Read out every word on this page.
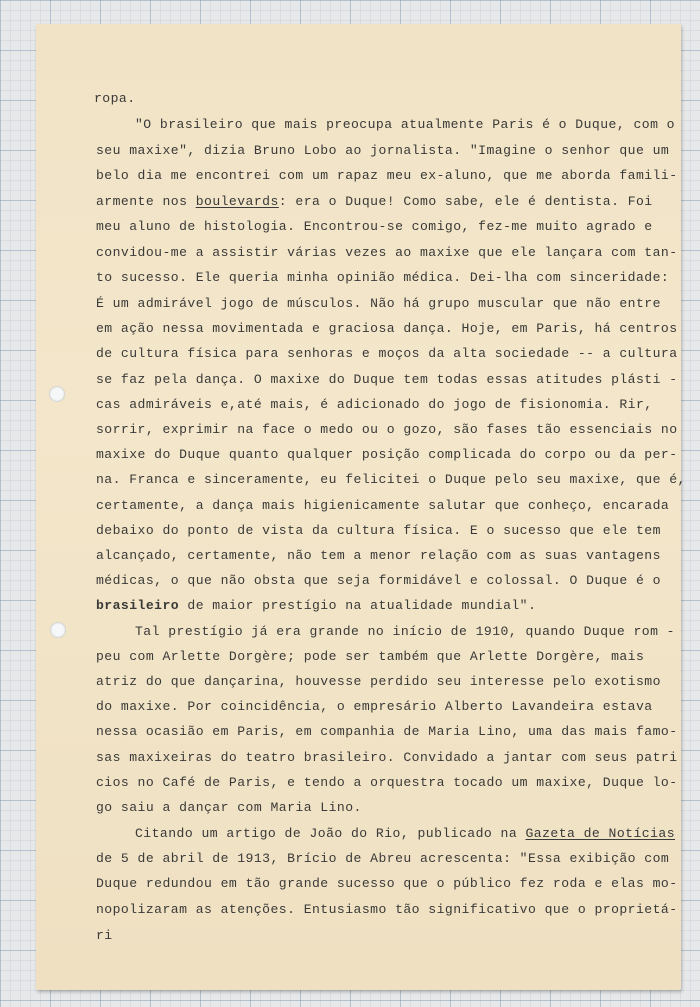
ropa.
"O brasileiro que mais preocupa atualmente Paris é o Duque, com o
seu maxixe", dizia Bruno Lobo ao jornalista. "Imagine o senhor que um
belo dia me encontrei com um rapaz meu ex-aluno, que me aborda famili-
armente nos boulevards: era o Duque! Como sabe, ele é dentista. Foi
meu aluno de histologia. Encontrou-se comigo, fez-me muito agrado e
convidou-me a assistir várias vezes ao maxixe que ele lançara com tan-
to sucesso. Ele queria minha opinião médica. Dei-lha com sinceridade:
É um admirável jogo de músculos. Não há grupo muscular que não entre
em ação nessa movimentada e graciosa dança. Hoje, em Paris, há centros
de cultura física para senhoras e moços da alta sociedade -- a cultura
se faz pela dança. O maxixe do Duque tem todas essas atitudes plásti -
cas admiráveis e,até mais, é adicionado do jogo de fisionomia. Rir,
sorrir, exprimir na face o medo ou o gozo, são fases tão essenciais no
maxixe do Duque quanto qualquer posição complicada do corpo ou da per-
na. Franca e sinceramente, eu felicitei o Duque pelo seu maxixe, que é,
certamente, a dança mais higienicamente salutar que conheço, encarada
debaixo do ponto de vista da cultura física. E o sucesso que ele tem
alcançado, certamente, não tem a menor relação com as suas vantagens
médicas, o que não obsta que seja formidável e colossal. O Duque é o
brasileiro de maior prestígio na atualidade mundial".
Tal prestígio já era grande no início de 1910, quando Duque rom -
peu com Arlette Dorgère; pode ser também que Arlette Dorgère, mais
atriz do que dançarina, houvesse perdido seu interesse pelo exotismo
do maxixe. Por coincidência, o empresário Alberto Lavandeira estava
nessa ocasião em Paris, em companhia de Maria Lino, uma das mais famo-
sas maxixeiras do teatro brasileiro. Convidado a jantar com seus patri
cios no Café de Paris, e tendo a orquestra tocado um maxixe, Duque lo-
go saiu a dançar com Maria Lino.
Citando um artigo de João do Rio, publicado na Gazeta de Notícias
de 5 de abril de 1913, Brício de Abreu acrescenta: "Essa exibição com
Duque redundou em tão grande sucesso que o público fez roda e elas mo-
nopolizaram as atenções. Entusiasmo tão significativo que o proprietá-
ri
